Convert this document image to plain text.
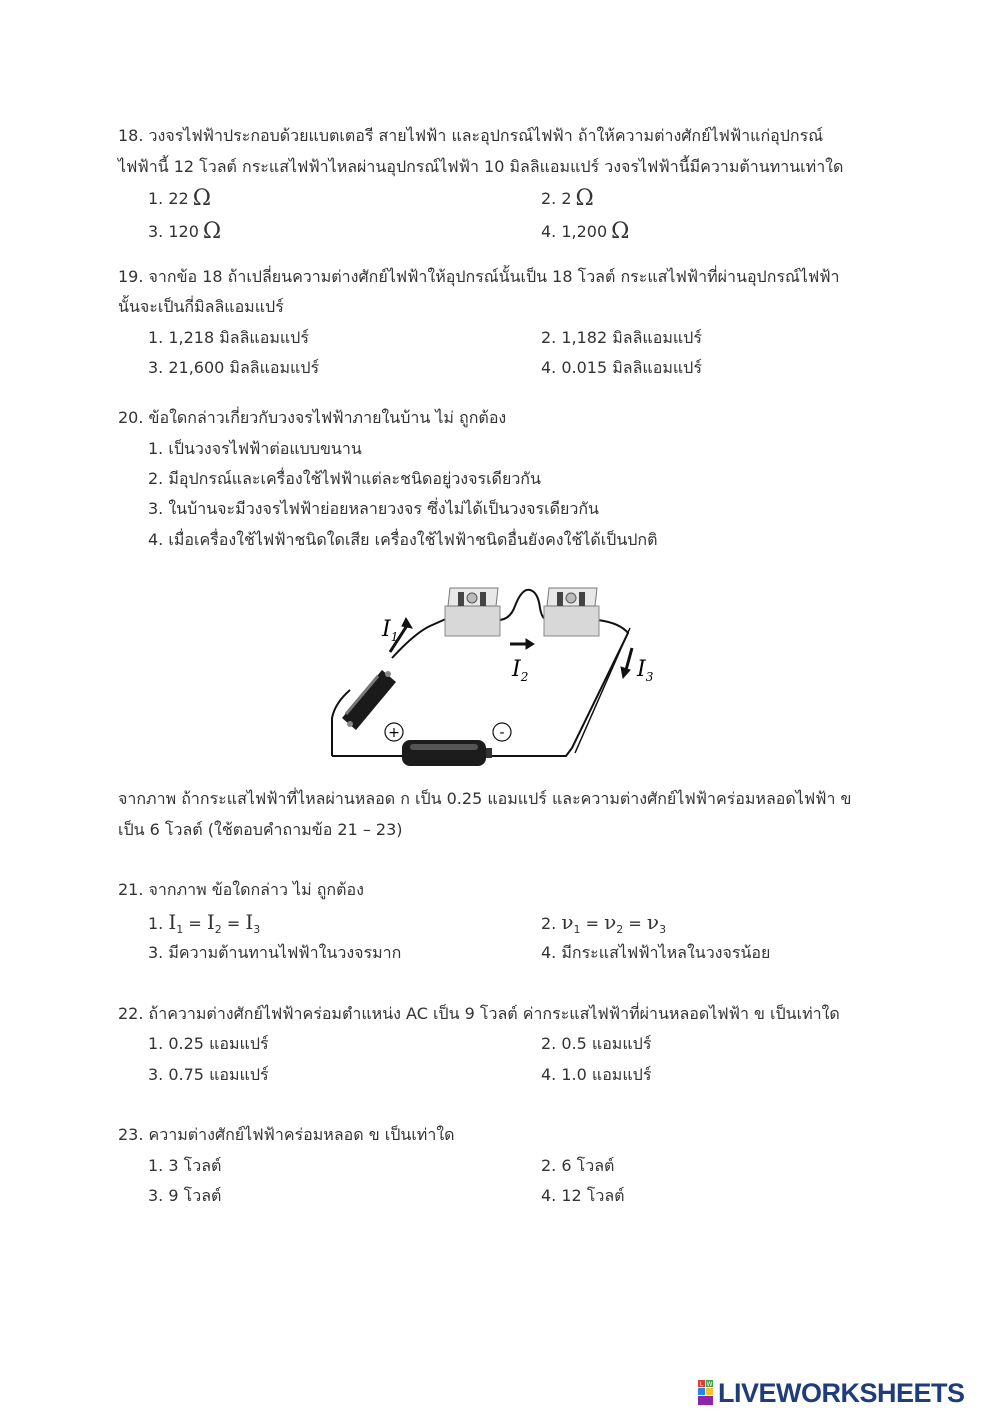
18. วงจรไฟฟ้าประกอบด้วยแบตเตอรี สายไฟฟ้า และอุปกรณ์ไฟฟ้า ถ้าให้ความต่างศักย์ไฟฟ้าแก่อุปกรณ์
ไฟฟ้านี้ 12 โวลต์ กระแสไฟฟ้าไหลผ่านอุปกรณ์ไฟฟ้า 10 มิลลิแอมแปร์ วงจรไฟฟ้านี้มีความต้านทานเท่าใด
1. 22 Ω	2. 2 Ω
3. 120 Ω	4. 1,200 Ω
19. จากข้อ 18 ถ้าเปลี่ยนความต่างศักย์ไฟฟ้าให้อุปกรณ์นั้นเป็น 18 โวลต์ กระแสไฟฟ้าที่ผ่านอุปกรณ์ไฟฟ้า
นั้นจะเป็นกี่มิลลิแอมแปร์
1. 1,218 มิลลิแอมแปร์	2. 1,182 มิลลิแอมแปร์
3. 21,600 มิลลิแอมแปร์	4. 0.015 มิลลิแอมแปร์
20. ข้อใดกล่าวเกี่ยวกับวงจรไฟฟ้าภายในบ้าน ไม่ ถูกต้อง
1. เป็นวงจรไฟฟ้าต่อแบบขนาน
2. มีอุปกรณ์และเครื่องใช้ไฟฟ้าแต่ละชนิดอยู่วงจรเดียวกัน
3. ในบ้านจะมีวงจรไฟฟ้าย่อยหลายวงจร ซึ่งไม่ได้เป็นวงจรเดียวกัน
4. เมื่อเครื่องใช้ไฟฟ้าชนิดใดเสีย เครื่องใช้ไฟฟ้าชนิดอื่นยังคงใช้ได้เป็นปกติ
+	-
$I_1$
$I_2$	$I_3$
จากภาพ ถ้ากระแสไฟฟ้าที่ไหลผ่านหลอด ก เป็น 0.25 แอมแปร์ และความต่างศักย์ไฟฟ้าคร่อมหลอดไฟฟ้า ข
เป็น 6 โวลต์ (ใช้ตอบคำถามข้อ 21 – 23)
21. จากภาพ ข้อใดกล่าว ไม่ ถูกต้อง
1. $I_1 = I_2 = I_3$	2. $\nu_1 = \nu_2 = \nu_3$
3. มีความต้านทานไฟฟ้าในวงจรมาก	4. มีกระแสไฟฟ้าไหลในวงจรน้อย
22. ถ้าความต่างศักย์ไฟฟ้าคร่อมตำแหน่ง AC เป็น 9 โวลต์ ค่ากระแสไฟฟ้าที่ผ่านหลอดไฟฟ้า ข เป็นเท่าใด
1. 0.25 แอมแปร์	2. 0.5 แอมแปร์
3. 0.75 แอมแปร์	4. 1.0 แอมแปร์
23. ความต่างศักย์ไฟฟ้าคร่อมหลอด ข เป็นเท่าใด
1. 3 โวลต์	2. 6 โวลต์
3. 9 โวลต์	4. 12 โวลต์
L W LIVEWORKSHEETS
